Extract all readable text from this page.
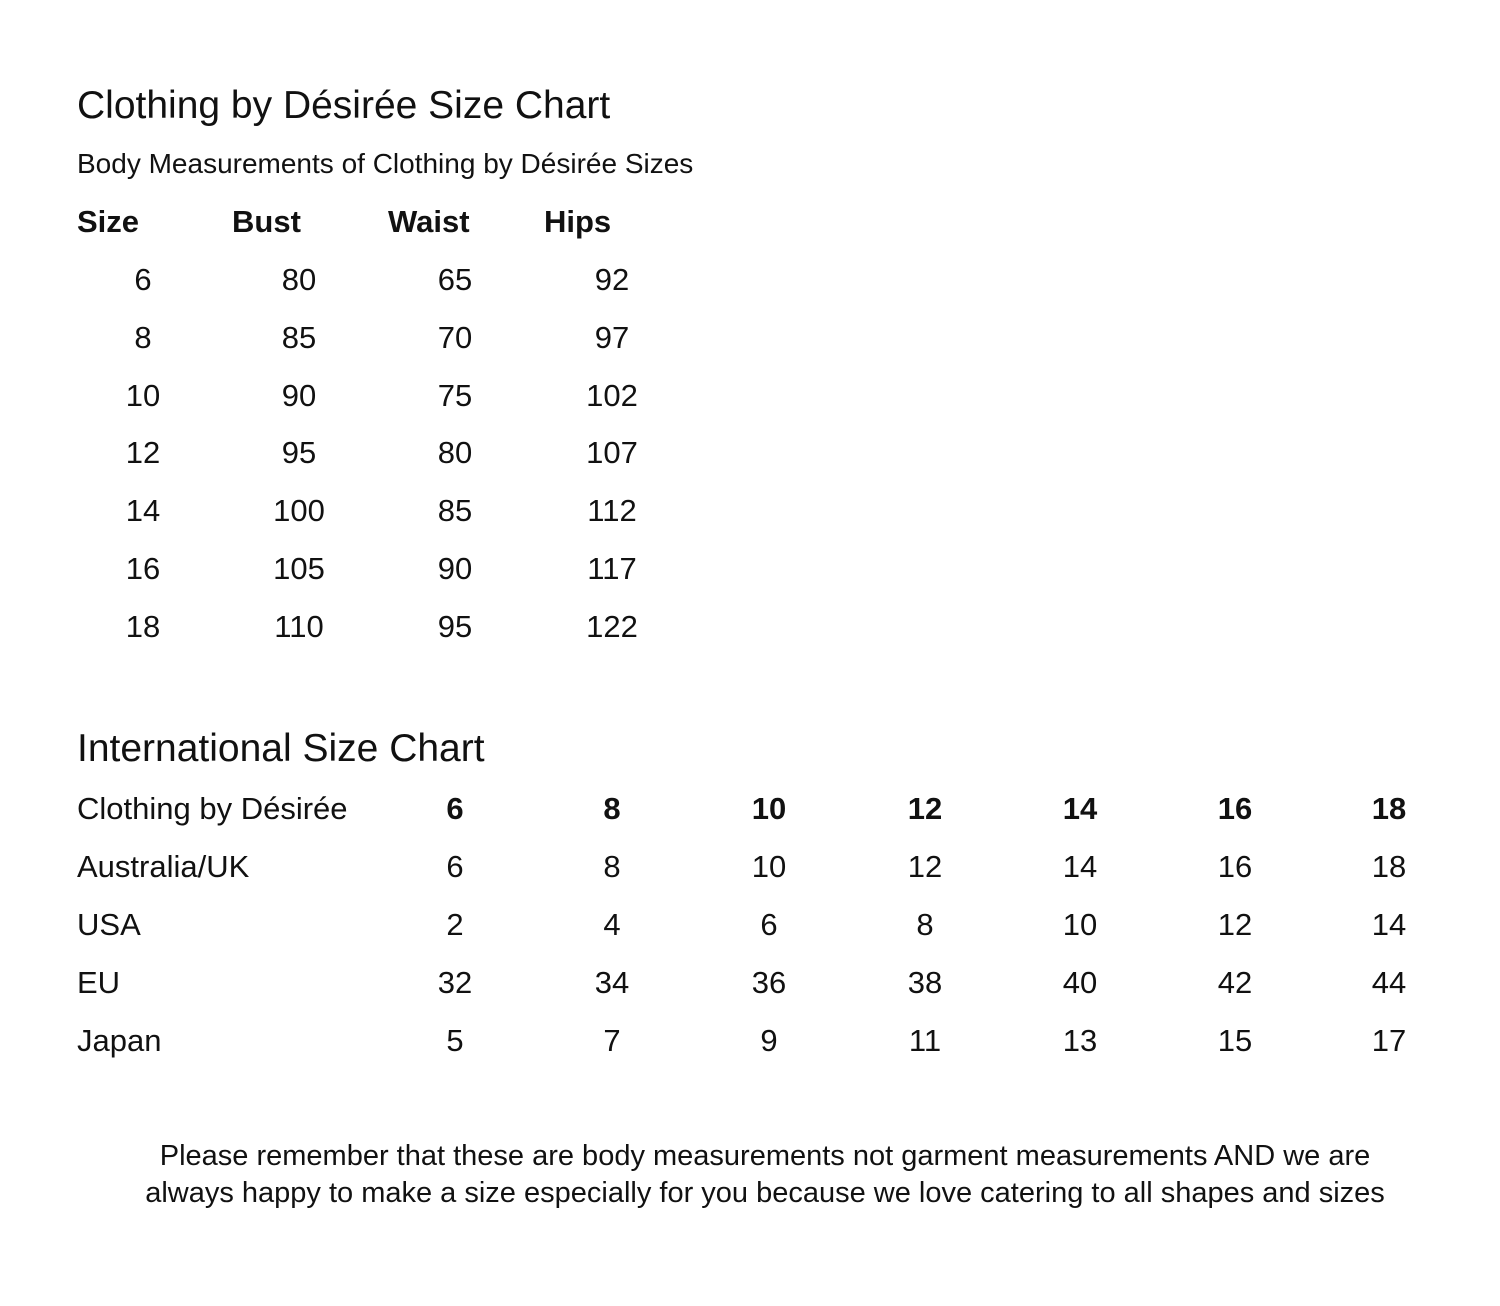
Clothing by Désirée Size Chart
Body Measurements of Clothing by Désirée Sizes
Size	Bust	Waist Hips
6	80	65	92
8	85	70	97
10	90	75	102
12	95	80	107
14	100	85	112
16	105	90	117
18	110	95	122
International Size Chart
Clothing by Désirée	6	8	10	12	14	16	18
Australia/UK	6	8	10	12	14	16	18
USA	2	4	6	8	10	12	14
EU	32	34	36	38	40	42	44
Japan	5	7	9	11	13	15	17
Please remember that these are body measurements not garment measurements AND we are
always happy to make a size especially for you because we love catering to all shapes and sizes
